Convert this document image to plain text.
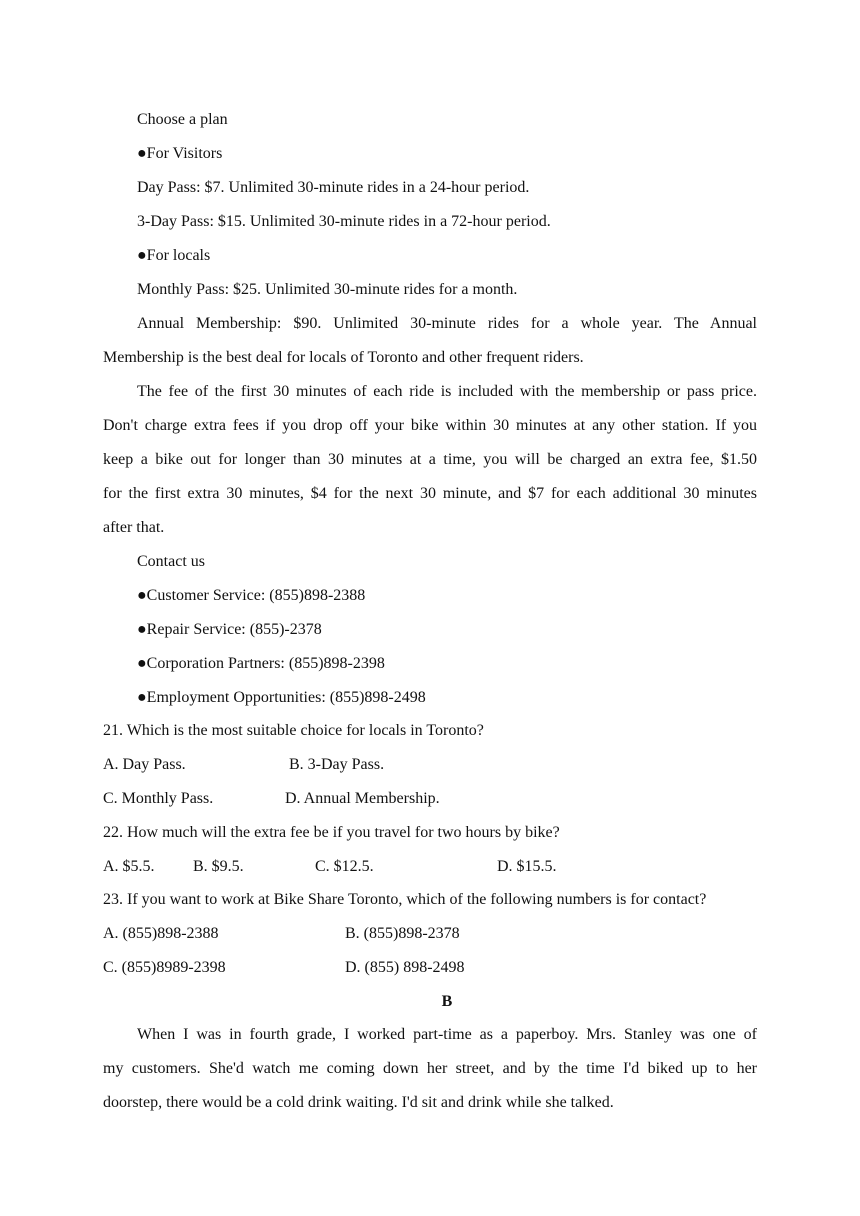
Choose a plan
●For Visitors
Day Pass: $7. Unlimited 30-minute rides in a 24-hour period.
3-Day Pass: $15. Unlimited 30-minute rides in a 72-hour period.
●For locals
Monthly Pass: $25. Unlimited 30-minute rides for a month.
Annual Membership: $90. Unlimited 30-minute rides for a whole year. The Annual
Membership is the best deal for locals of Toronto and other frequent riders.
The fee of the first 30 minutes of each ride is included with the membership or pass price.
Don't charge extra fees if you drop off your bike within 30 minutes at any other station. If you
keep a bike out for longer than 30 minutes at a time, you will be charged an extra fee, $1.50
for the first extra 30 minutes, $4 for the next 30 minute, and $7 for each additional 30 minutes
after that.
Contact us
●Customer Service: (855)898-2388
●Repair Service: (855)-2378
●Corporation Partners: (855)898-2398
●Employment Opportunities: (855)898-2498
21. Which is the most suitable choice for locals in Toronto?
A. Day Pass.	B. 3-Day Pass.
C. Monthly Pass.	D. Annual Membership.
22. How much will the extra fee be if you travel for two hours by bike?
A. $5.5. B. $9.5.	C. $12.5.	D. $15.5.
23. If you want to work at Bike Share Toronto, which of the following numbers is for contact?
A. (855)898-2388	B. (855)898-2378
C. (855)8989-2398	D. (855) 898-2498
B
When I was in fourth grade, I worked part-time as a paperboy. Mrs. Stanley was one of
my customers. She'd watch me coming down her street, and by the time I'd biked up to her
doorstep, there would be a cold drink waiting. I'd sit and drink while she talked.
